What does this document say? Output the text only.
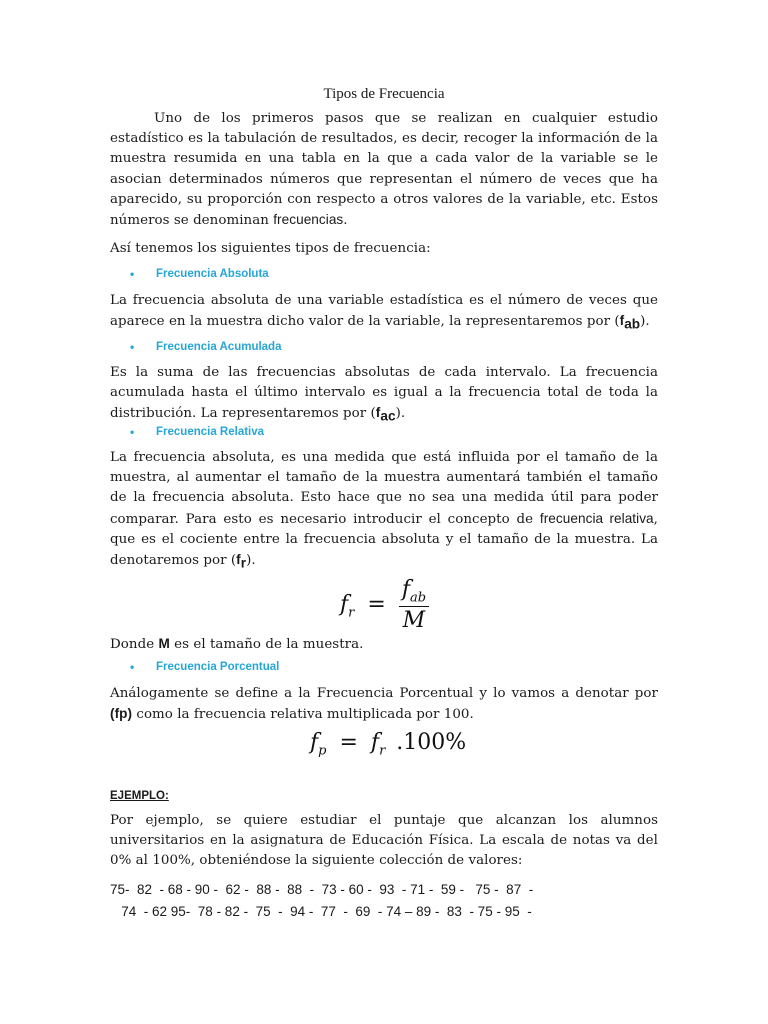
Tipos de Frecuencia

Uno de los primeros pasos que se realizan en cualquier estudio estadístico es la tabulación de resultados, es decir, recoger la información de la muestra resumida en una tabla en la que a cada valor de la variable se le asocian determinados números que representan el número de veces que ha aparecido, su proporción con respecto a otros valores de la variable, etc. Estos números se denominan frecuencias.

Así tenemos los siguientes tipos de frecuencia:

•	Frecuencia Absoluta

La frecuencia absoluta de una variable estadística es el número de veces que aparece en la muestra dicho valor de la variable, la representaremos por $(f_{ab})$.

•	Frecuencia Acumulada

Es la suma de las frecuencias absolutas de cada intervalo. La frecuencia acumulada hasta el último intervalo es igual a la frecuencia total de toda la distribución. La representaremos por $(f_{ac})$.

•	Frecuencia Relativa

La frecuencia absoluta, es una medida que está influida por el tamaño de la muestra, al aumentar el tamaño de la muestra aumentará también el tamaño de la frecuencia absoluta. Esto hace que no sea una medida útil para poder comparar. Para esto es necesario introducir el concepto de frecuencia relativa, que es el cociente entre la frecuencia absoluta y el tamaño de la muestra. La denotaremos por $(f_r)$.

$f_r = \frac{f_{ab}}{M}$

Donde M es el tamaño de la muestra.

•	Frecuencia Porcentual

Análogamente se define a la Frecuencia Porcentual y lo vamos a denotar por (fp) como la frecuencia relativa multiplicada por 100.

$f_p = f_r$ .100%
EJEMPLO:

Por ejemplo, se quiere estudiar el puntaje que alcanzan los alumnos universitarios en la asignatura de Educación Física. La escala de notas va del 0% al 100%, obteniéndose la siguiente colección de valores:

75-  82  - 68 - 90 -  62 -  88 -  88  -  73 - 60 -  93  - 71 -  59 -   75 -  87  -
74  - 62 95-  78 - 82 -  75  -  94 -  77  -  69  - 74 – 89 -  83  - 75 - 95  -
